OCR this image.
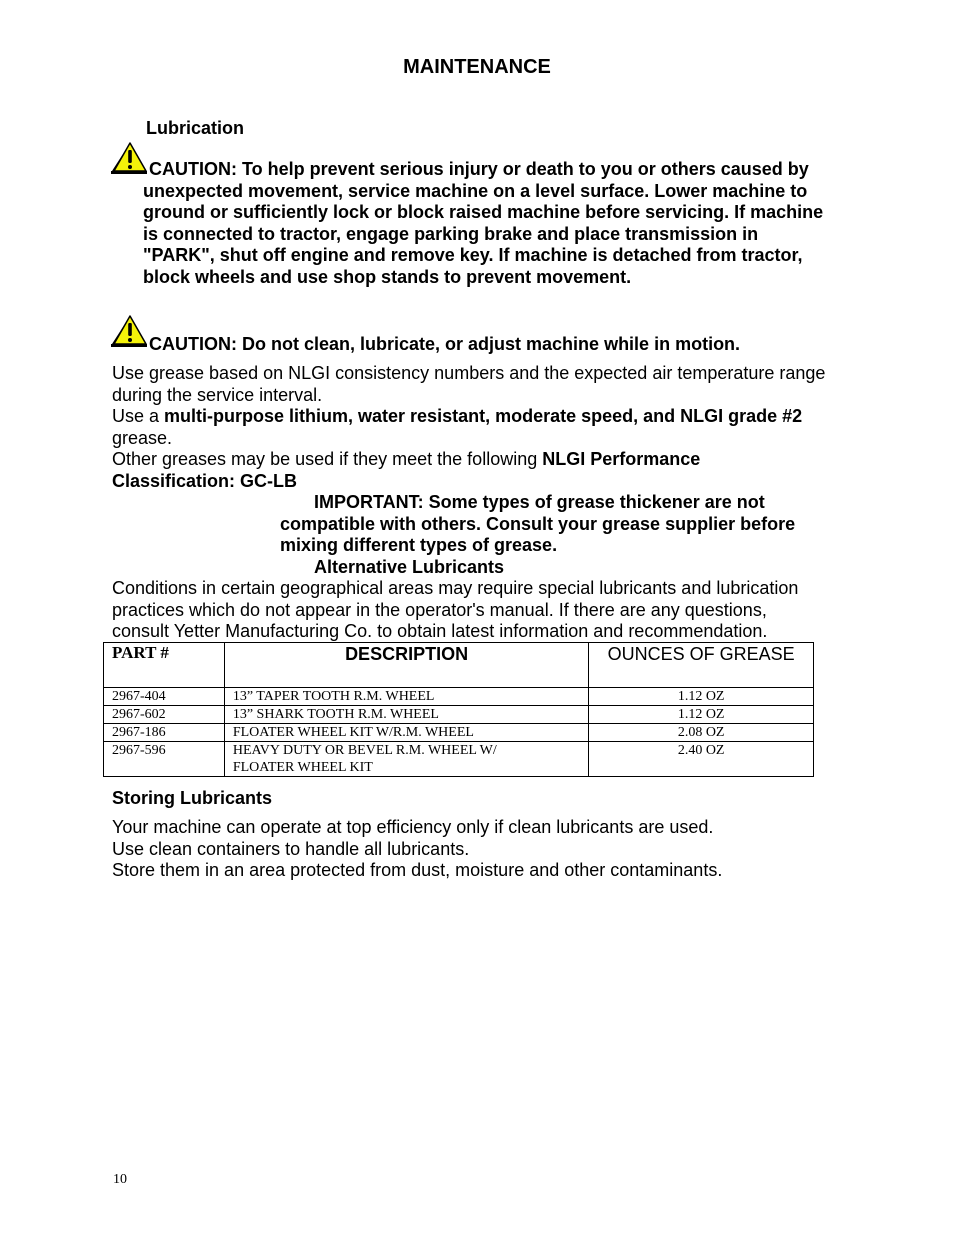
MAINTENANCE
Lubrication
CAUTION: To help prevent serious injury or death to you or others caused by
unexpected movement, service machine on a level surface. Lower machine to
ground or sufficiently lock or block raised machine before servicing. If machine
is connected to tractor, engage parking brake and place transmission in
"PARK", shut off engine and remove key. If machine is detached from tractor,
block wheels and use shop stands to prevent movement.
CAUTION: Do not clean, lubricate, or adjust machine while in motion.
Use grease based on NLGI consistency numbers and the expected air temperature range
during the service interval.
Use a multi-purpose lithium, water resistant, moderate speed, and NLGI grade #2
grease.
Other greases may be used if they meet the following NLGI Performance
Classification: GC-LB
IMPORTANT: Some types of grease thickener are not
compatible with others. Consult your grease supplier before
mixing different types of grease.
Alternative Lubricants
Conditions in certain geographical areas may require special lubricants and lubrication
practices which do not appear in the operator's manual. If there are any questions,
consult Yetter Manufacturing Co. to obtain latest information and recommendation.
PART #	DESCRIPTION	OUNCES OF GREASE
2967-404	13” TAPER TOOTH R.M. WHEEL	1.12 OZ
2967-602	13” SHARK TOOTH R.M. WHEEL	1.12 OZ
2967-186	FLOATER WHEEL KIT W/R.M. WHEEL	2.08 OZ
2967-596	HEAVY DUTY OR BEVEL R.M. WHEEL W/
FLOATER WHEEL KIT	2.40 OZ
Storing Lubricants
Your machine can operate at top efficiency only if clean lubricants are used.
Use clean containers to handle all lubricants.
Store them in an area protected from dust, moisture and other contaminants.
10
